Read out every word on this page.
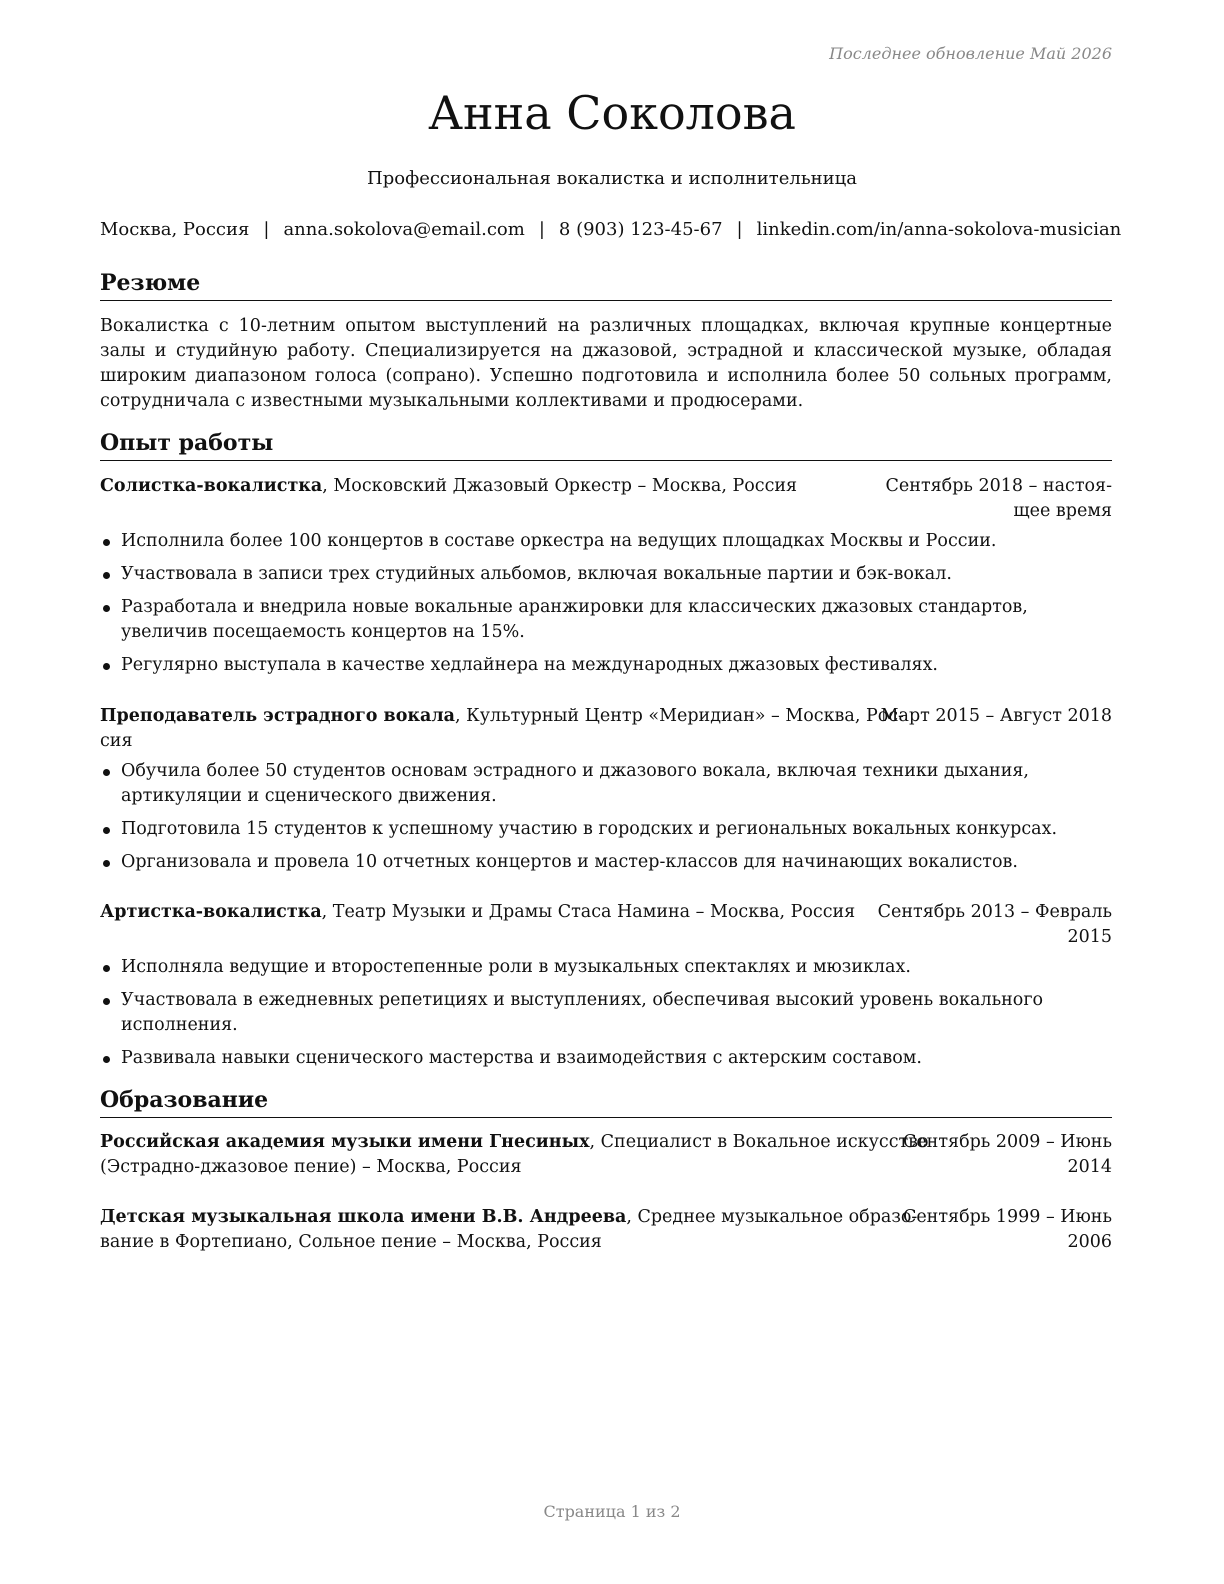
Последнее обновление Май 2026
Анна Соколова
Профессиональная вокалистка и исполнительница
Москва, Россия | anna.sokolova@email.com | 8 (903) 123-45-67 | linkedin.com/in/anna-sokolova-musician
Резюме
Вокалистка с 10-летним опытом выступлений на различных площадках, включая крупные концертные залы и студийную работу. Специализируется на джазовой, эстрадной и классической музыке, обладая широким диапазоном голоса (сопрано). Успешно подготовила и исполнила более 50 сольных программ, сотрудничала с известными музыкальными коллективами и продюсерами.
Опыт работы
Солистка-вокалистка, Московский Джазовый Оркестр – Москва, Россия	Сентябрь 2018 – настоя-
щее время
Исполнила более 100 концертов в составе оркестра на ведущих площадках Москвы и России.
Участвовала в записи трех студийных альбомов, включая вокальные партии и бэк-вокал.
Разработала и внедрила новые вокальные аранжировки для классических джазовых стандартов, увеличив посещаемость концертов на 15%.
Регулярно выступала в качестве хедлайнера на международных джазовых фестивалях.
Преподаватель эстрадного вокала, Культурный Центр «Меридиан» – Москва, Рос-
сия
Март 2015 – Август 2018
Обучила более 50 студентов основам эстрадного и джазового вокала, включая техники дыхания, артикуляции и сценического движения.
Подготовила 15 студентов к успешному участию в городских и региональных вокальных конкурсах.
Организовала и провела 10 отчетных концертов и мастер-классов для начинающих вокалистов.
Артистка-вокалистка, Театр Музыки и Драмы Стаса Намина – Москва, Россия Сентябрь 2013 – Февраль
2015
Исполняла ведущие и второстепенные роли в музыкальных спектаклях и мюзиклах.
Участвовала в ежедневных репетициях и выступлениях, обеспечивая высокий уровень вокального исполнения.
Развивала навыки сценического мастерства и взаимодействия с актерским составом.
Образование
Российская академия музыки имени Гнесиных, Специалист в Вокальное искусство
(Эстрадно-джазовое пение) – Москва, Россия
Сентябрь 2009 – Июнь
2014
Детская музыкальная школа имени В.В. Андреева, Среднее музыкальное образо-
вание в Фортепиано, Сольное пение – Москва, Россия
Сентябрь 1999 – Июнь
2006
Страница 1 из 2
